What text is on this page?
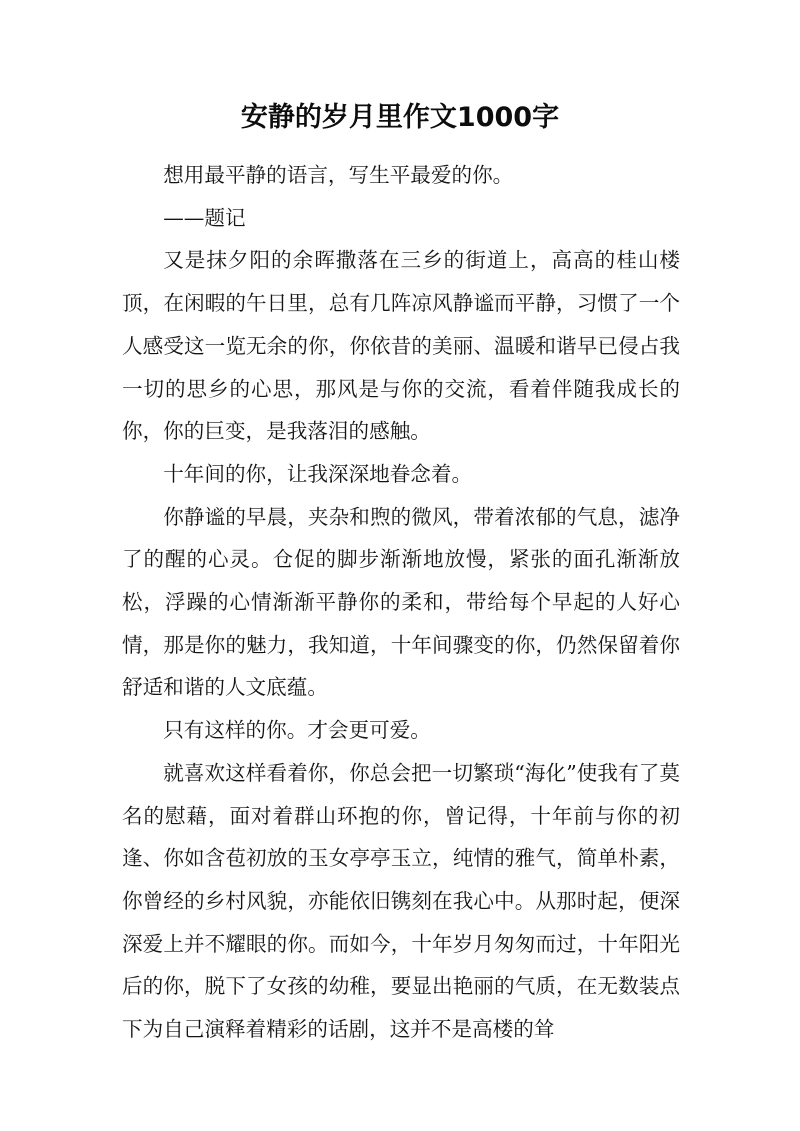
安静的岁月里作文1000字

想用最平静的语言，写生平最爱的你。

——题记

又是抹夕阳的余晖撒落在三乡的街道上，高高的桂山楼顶，在闲暇的午日里，总有几阵凉风静谧而平静，习惯了一个人感受这一览无余的你，你依昔的美丽、温暖和谐早已侵占我一切的思乡的心思，那风是与你的交流，看着伴随我成长的你，你的巨变，是我落泪的感触。

十年间的你，让我深深地眷念着。

你静谧的早晨，夹杂和煦的微风，带着浓郁的气息，滤净了的醒的心灵。仓促的脚步渐渐地放慢，紧张的面孔渐渐放松，浮躁的心情渐渐平静你的柔和，带给每个早起的人好心情，那是你的魅力，我知道，十年间骤变的你，仍然保留着你舒适和谐的人文底蕴。

只有这样的你。才会更可爱。

就喜欢这样看着你，你总会把一切繁琐“海化”使我有了莫名的慰藉，面对着群山环抱的你，曾记得，十年前与你的初逢、你如含苞初放的玉女亭亭玉立，纯情的雅气，简单朴素，你曾经的乡村风貌，亦能依旧镌刻在我心中。从那时起，便深深爱上并不耀眼的你。而如今，十年岁月匆匆而过，十年阳光后的你，脱下了女孩的幼稚，要显出艳丽的气质，在无数装点下为自己演释着精彩的话剧，这并不是高楼的耸
